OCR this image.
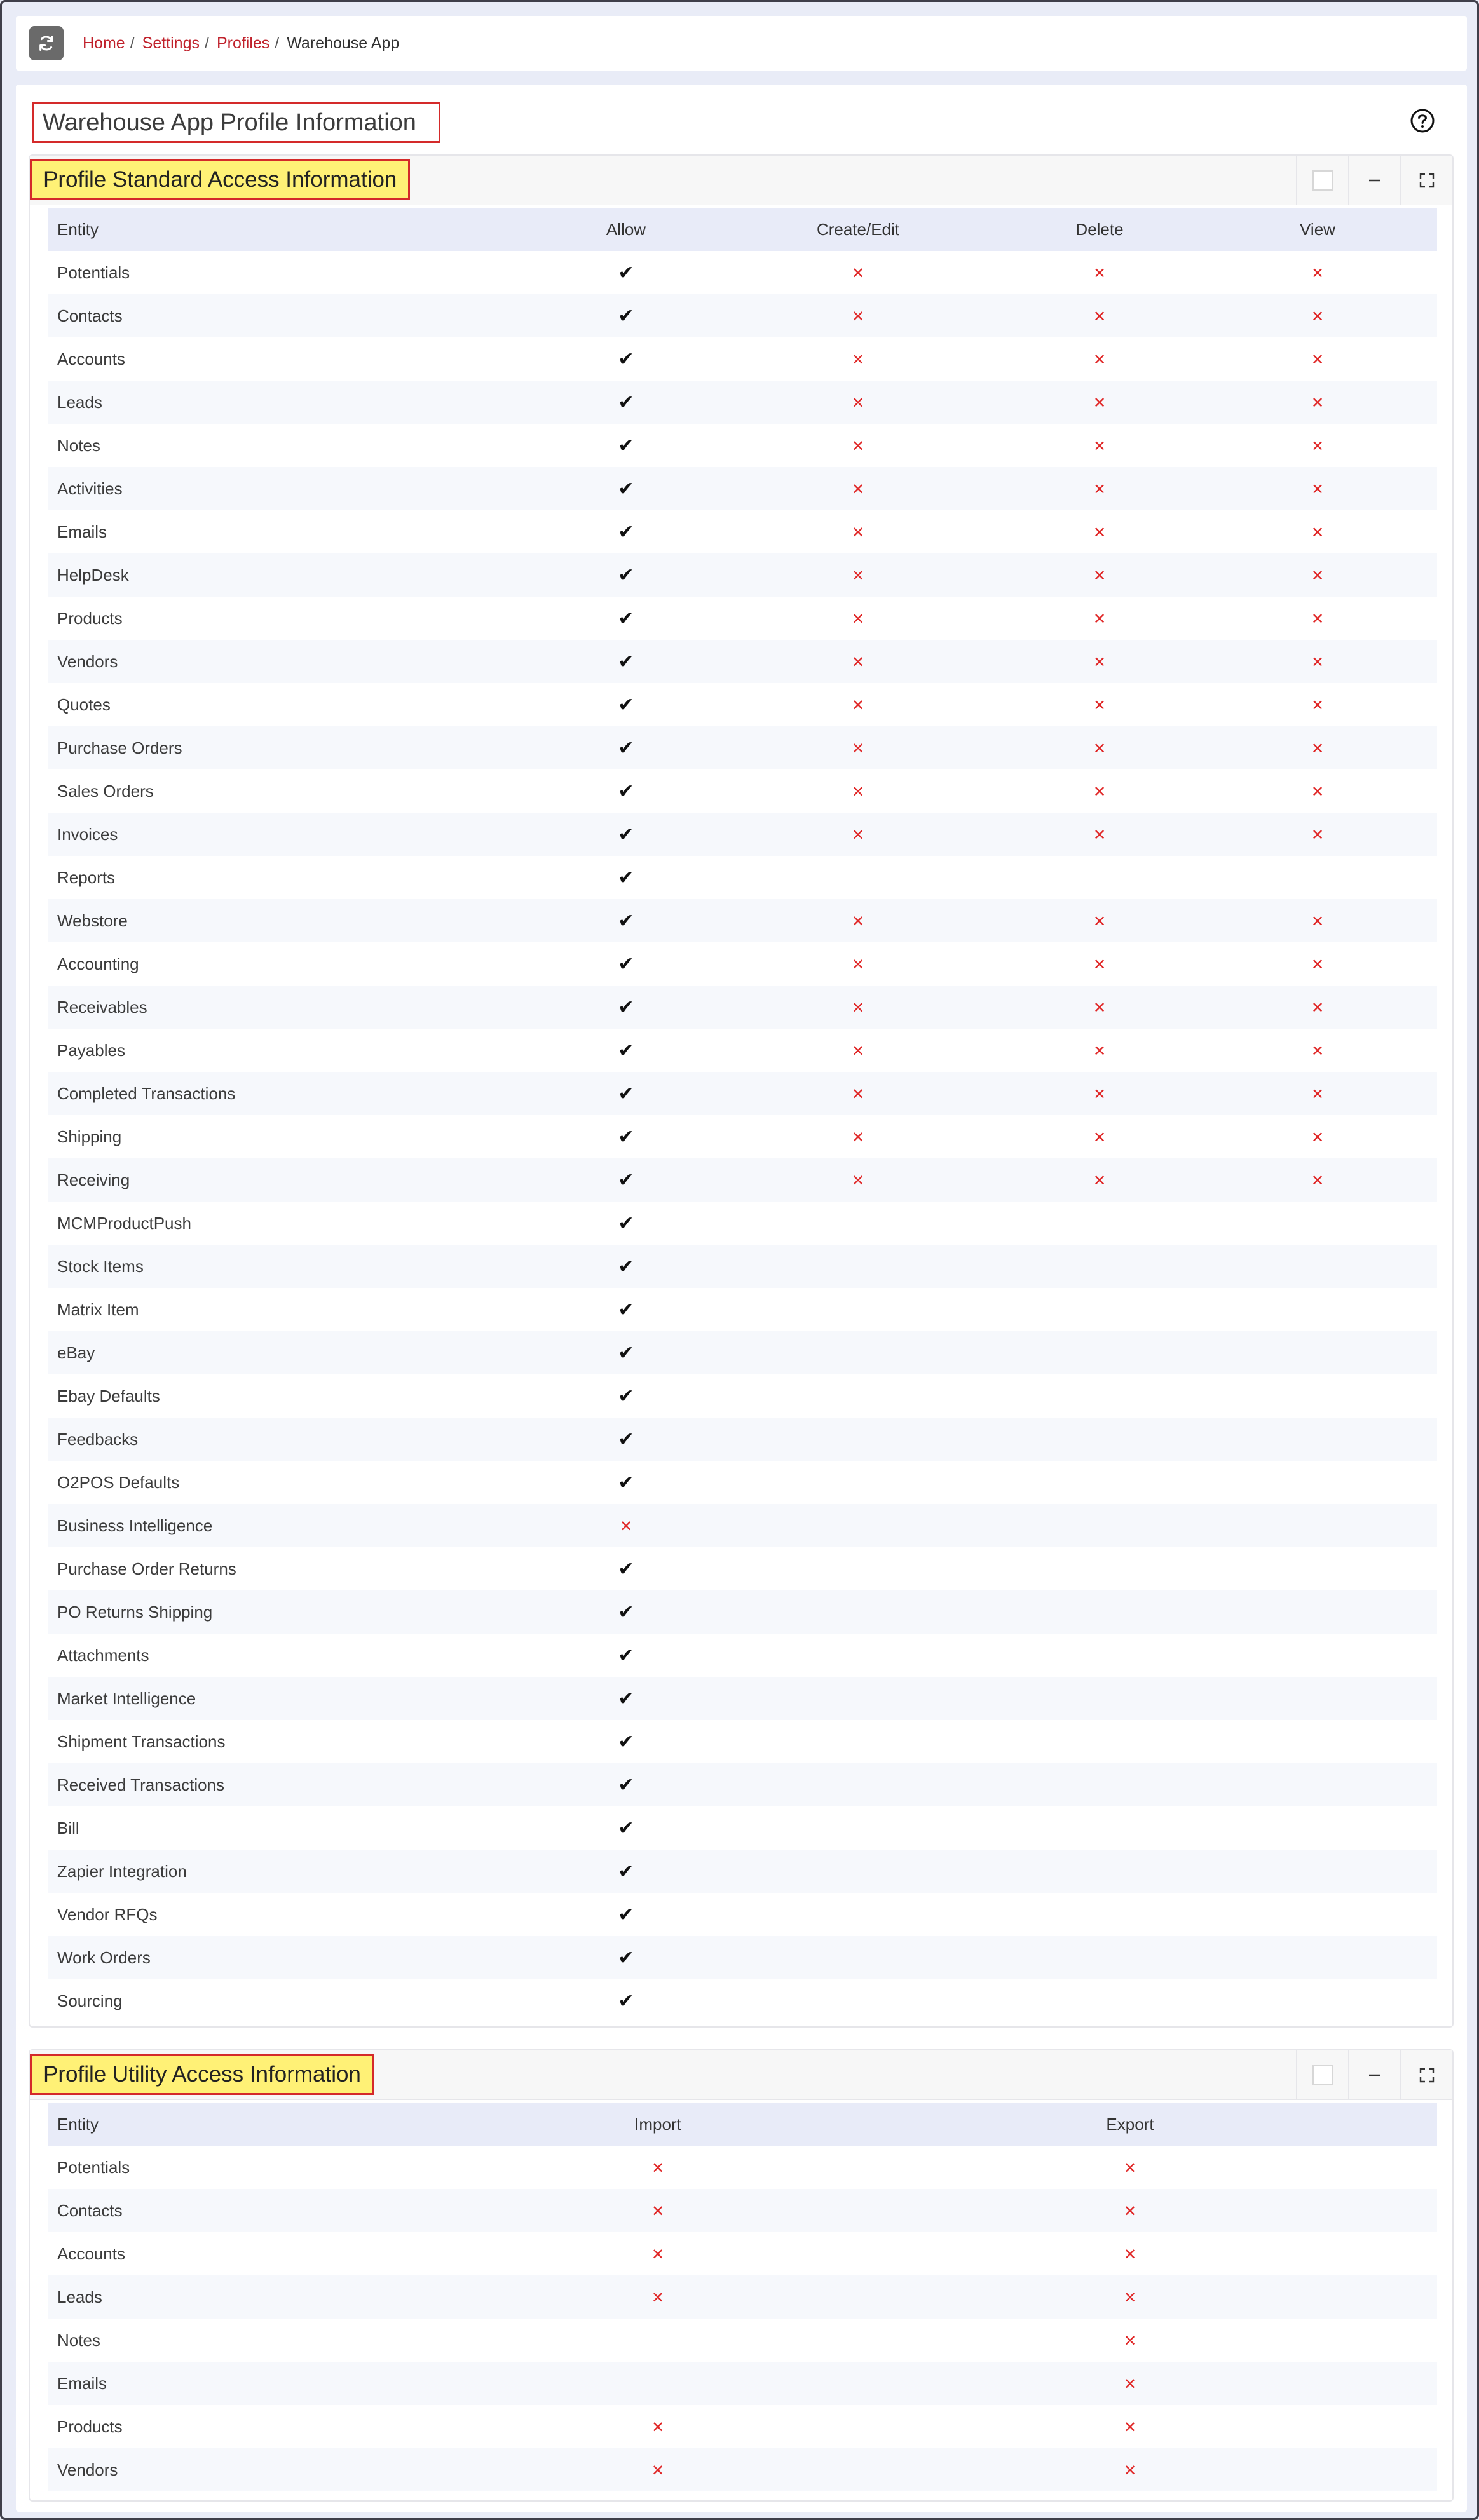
Home / Settings / Profiles / Warehouse App
Warehouse App Profile Information
Profile Standard Access Information
Entity	Allow	Create/Edit	Delete	View
Potentials	✔	✕	✕	✕
Contacts	✔	✕	✕	✕
Accounts	✔	✕	✕	✕
Leads	✔	✕	✕	✕
Notes	✔	✕	✕	✕
Activities	✔	✕	✕	✕
Emails	✔	✕	✕	✕
HelpDesk	✔	✕	✕	✕
Products	✔	✕	✕	✕
Vendors	✔	✕	✕	✕
Quotes	✔	✕	✕	✕
Purchase Orders	✔	✕	✕	✕
Sales Orders	✔	✕	✕	✕
Invoices	✔	✕	✕	✕
Reports	✔			
Webstore	✔	✕	✕	✕
Accounting	✔	✕	✕	✕
Receivables	✔	✕	✕	✕
Payables	✔	✕	✕	✕
Completed Transactions	✔	✕	✕	✕
Shipping	✔	✕	✕	✕
Receiving	✔	✕	✕	✕
MCMProductPush	✔			
Stock Items	✔			
Matrix Item	✔			
eBay	✔			
Ebay Defaults	✔			
Feedbacks	✔			
O2POS Defaults	✔			
Business Intelligence	✕			
Purchase Order Returns	✔			
PO Returns Shipping	✔			
Attachments	✔			
Market Intelligence	✔			
Shipment Transactions	✔			
Received Transactions	✔			
Bill	✔			
Zapier Integration	✔			
Vendor RFQs	✔			
Work Orders	✔			
Sourcing	✔			
Profile Utility Access Information
Entity	Import	Export
Potentials	✕	✕
Contacts	✕	✕
Accounts	✕	✕
Leads	✕	✕
Notes		✕
Emails		✕
Products	✕	✕
Vendors	✕	✕
